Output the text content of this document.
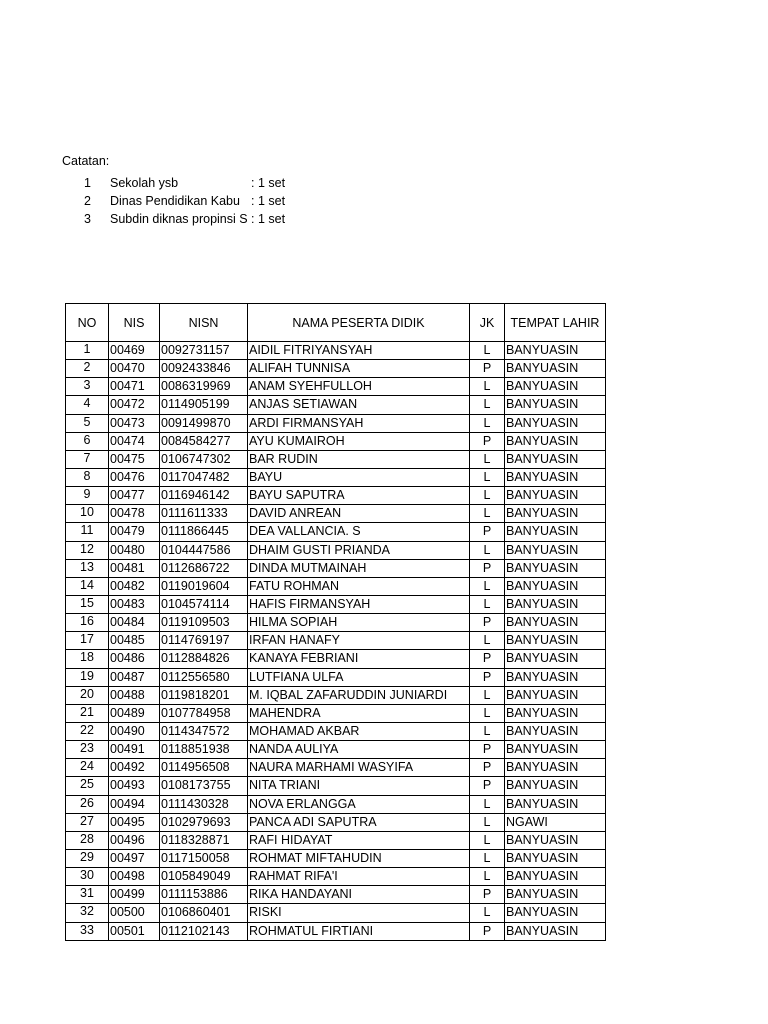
Catatan:
1 Sekolah ysb	: 1 set
2 Dinas Pendidikan Kabu : 1 set
3 Subdin diknas propinsi S : 1 set
NO	NIS	NISN	NAMA PESERTA DIDIK	JK	TEMPAT LAHIR
1	00469	0092731157	AIDIL FITRIYANSYAH	L	BANYUASIN
2	00470	0092433846	ALIFAH TUNNISA	P	BANYUASIN
3	00471	0086319969	ANAM SYEHFULLOH	L	BANYUASIN
4	00472	0114905199	ANJAS SETIAWAN	L	BANYUASIN
5	00473	0091499870	ARDI FIRMANSYAH	L	BANYUASIN
6	00474	0084584277	AYU KUMAIROH	P	BANYUASIN
7	00475	0106747302	BAR RUDIN	L	BANYUASIN
8	00476	0117047482	BAYU	L	BANYUASIN
9	00477	0116946142	BAYU SAPUTRA	L	BANYUASIN
10	00478	0111611333	DAVID ANREAN	L	BANYUASIN
11	00479	0111866445	DEA VALLANCIA. S	P	BANYUASIN
12	00480	0104447586	DHAIM GUSTI PRIANDA	L	BANYUASIN
13	00481	0112686722	DINDA MUTMAINAH	P	BANYUASIN
14	00482	0119019604	FATU ROHMAN	L	BANYUASIN
15	00483	0104574114	HAFIS FIRMANSYAH	L	BANYUASIN
16	00484	0119109503	HILMA SOPIAH	P	BANYUASIN
17	00485	0114769197	IRFAN HANAFY	L	BANYUASIN
18	00486	0112884826	KANAYA FEBRIANI	P	BANYUASIN
19	00487	0112556580	LUTFIANA ULFA	P	BANYUASIN
20	00488	0119818201	M. IQBAL ZAFARUDDIN JUNIARDI	L	BANYUASIN
21	00489	0107784958	MAHENDRA	L	BANYUASIN
22	00490	0114347572	MOHAMAD AKBAR	L	BANYUASIN
23	00491	0118851938	NANDA AULIYA	P	BANYUASIN
24	00492	0114956508	NAURA MARHAMI WASYIFA	P	BANYUASIN
25	00493	0108173755	NITA TRIANI	P	BANYUASIN
26	00494	0111430328	NOVA ERLANGGA	L	BANYUASIN
27	00495	0102979693	PANCA ADI SAPUTRA	L	NGAWI
28	00496	0118328871	RAFI HIDAYAT	L	BANYUASIN
29	00497	0117150058	ROHMAT MIFTAHUDIN	L	BANYUASIN
30	00498	0105849049	RAHMAT RIFA'I	L	BANYUASIN
31	00499	0111153886	RIKA HANDAYANI	P	BANYUASIN
32	00500	0106860401	RISKI	L	BANYUASIN
33	00501	0112102143	ROHMATUL FIRTIANI	P	BANYUASIN
